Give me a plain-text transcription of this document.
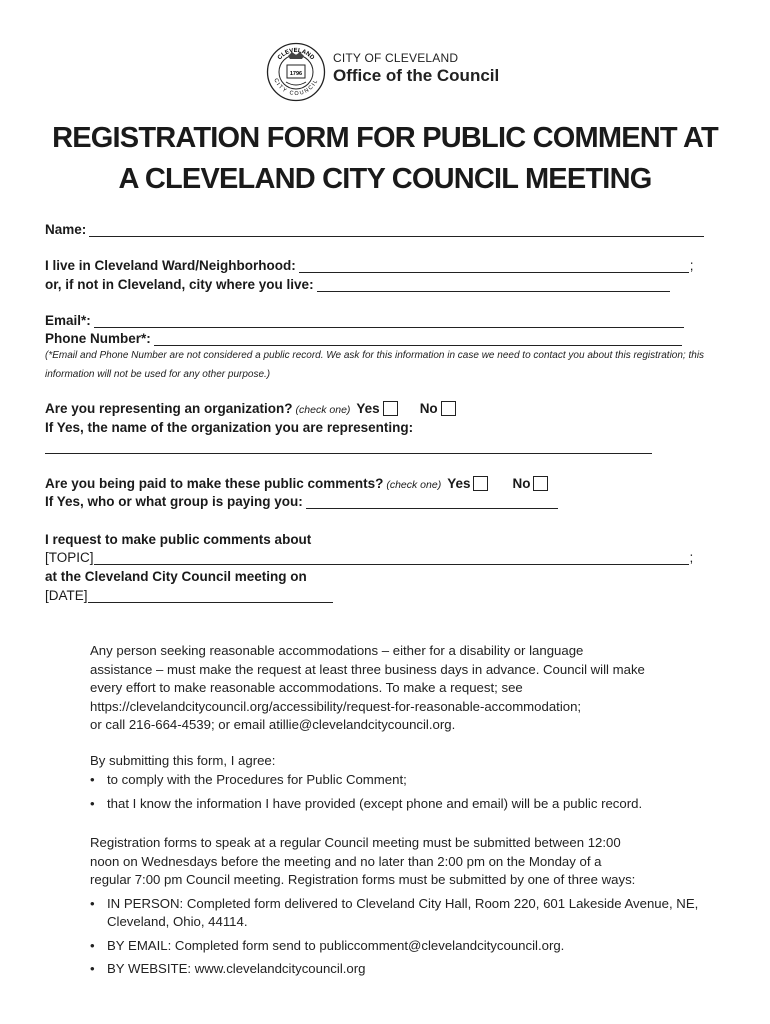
1796
CLEVELAND
CITY COUNCIL
CITY OF CLEVELAND
Office of the Council
REGISTRATION FORM FOR PUBLIC COMMENT AT
A CLEVELAND CITY COUNCIL MEETING
Name:
I live in Cleveland Ward/Neighborhood:	;
or, if not in Cleveland, city where you live:
Email*:
Phone Number*:
(*Email and Phone Number are not considered a public record. We ask for this information in case we need to contact you about this registration; this information will not be used for any other purpose.)
Are you representing an organization? (check one) Yes	No
If Yes, the name of the organization you are representing:
Are you being paid to make these public comments? (check one) Yes	No
If Yes, who or what group is paying you:
I request to make public comments about
[TOPIC]	;
at the Cleveland City Council meeting on
[DATE]

Any person seeking reasonable accommodations – either for a disability or language

assistance – must make the request at least three business days in advance. Council will make

every effort to make reasonable accommodations. To make a request; see

https://clevelandcitycouncil.org/accessibility/request-for-reasonable-accommodation;

or call 216-664-4539; or email atillie@clevelandcitycouncil.org.

By submitting this form, I agree:

• to comply with the Procedures for Public Comment;
• that I know the information I have provided (except phone and email) will be a public record.

Registration forms to speak at a regular Council meeting must be submitted between 12:00

noon on Wednesdays before the meeting and no later than 2:00 pm on the Monday of a

regular 7:00 pm Council meeting. Registration forms must be submitted by one of three ways:

• IN PERSON: Completed form delivered to Cleveland City Hall, Room 220, 601 Lakeside Avenue, NE, Cleveland, Ohio, 44114.
• BY EMAIL: Completed form send to publiccomment@clevelandcitycouncil.org.
• BY WEBSITE: www.clevelandcitycouncil.org
